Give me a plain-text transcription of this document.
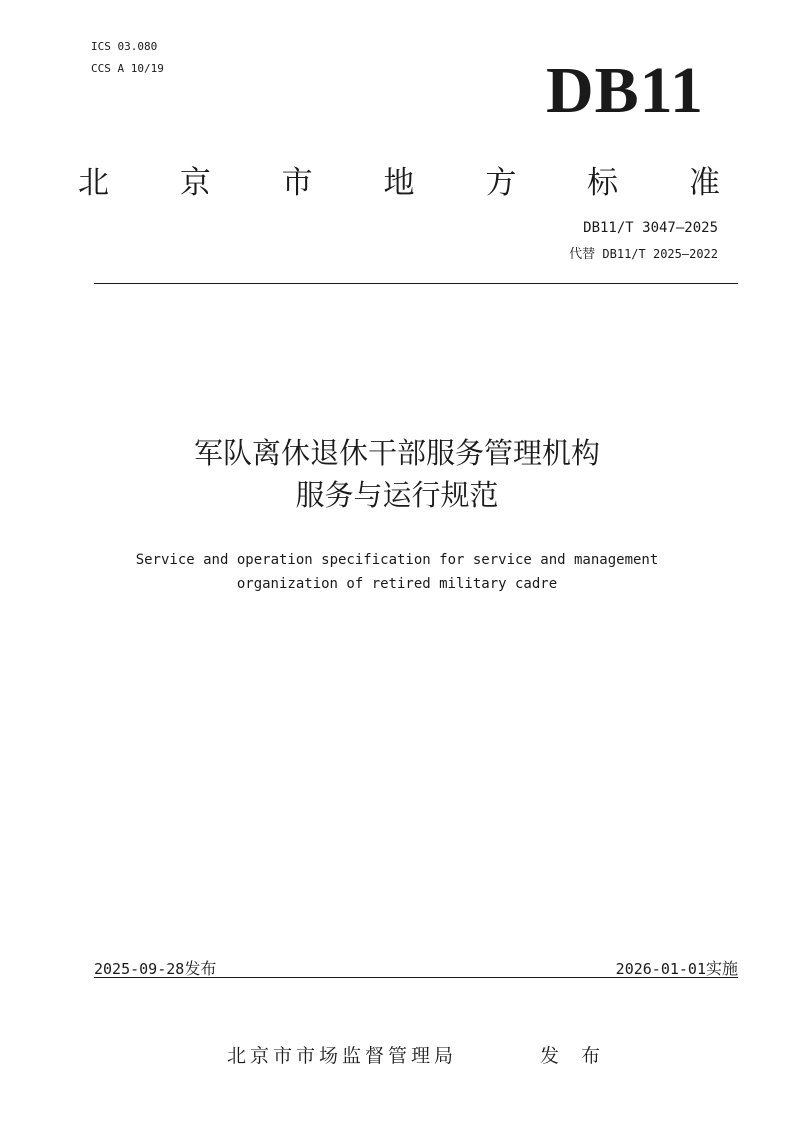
ICS 03.080
CCS A 10/19	DB11
北 京 市 地 方 标 准
DB11/T 3047—2025
代替 DB11/T 2025—2022
军队离休退休干部服务管理机构
服务与运行规范
Service and operation specification for service and management
organization of retired military cadre
2025-09-28发布	2026-01-01实施
北京市市场监督管理局	发 布
